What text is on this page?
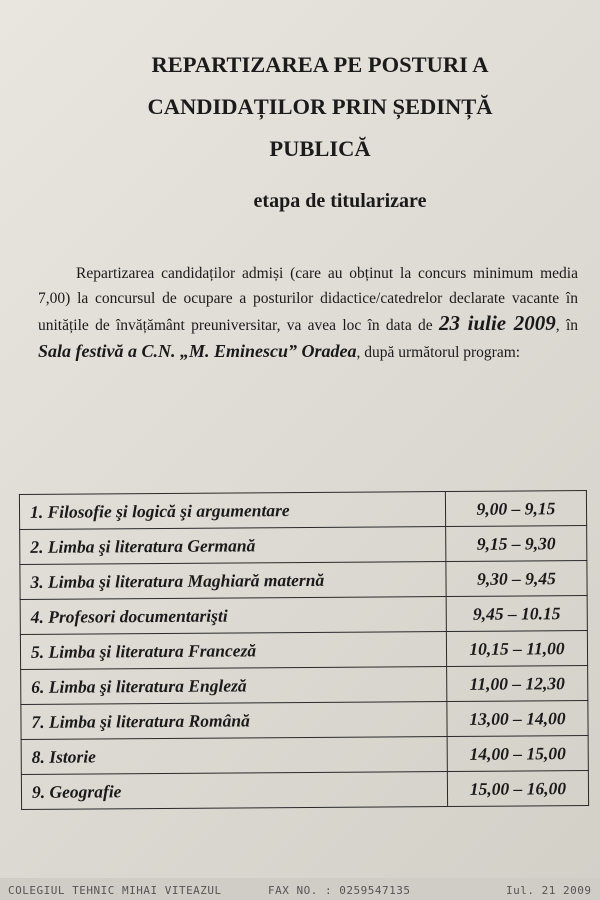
REPARTIZAREA PE POSTURI A
CANDIDAȚILOR PRIN ȘEDINȚĂ
PUBLICĂ
etapa de titularizare
Repartizarea candidaților admiși (care au obținut la concurs minimum media 7,00) la concursul de ocupare a posturilor didactice/catedrelor declarate vacante în unitățile de învățământ preuniversitar, va avea loc în data de 23 iulie 2009, în Sala festivă a C.N. „M. Eminescu” Oradea, după următorul program:
1. Filosofie şi logică şi argumentare	9,00 – 9,15
2. Limba şi literatura Germană	9,15 – 9,30
3. Limba şi literatura Maghiară maternă	9,30 – 9,45
4. Profesori documentarişti	9,45 – 10.15
5. Limba şi literatura Franceză	10,15 – 11,00
6. Limba şi literatura Engleză	11,00 – 12,30
7. Limba şi literatura Română	13,00 – 14,00
8. Istorie	14,00 – 15,00
9. Geografie	15,00 – 16,00
COLEGIUL TEHNIC MIHAI VITEAZUL	FAX NO. : 0259547135	Iul. 21 2009
